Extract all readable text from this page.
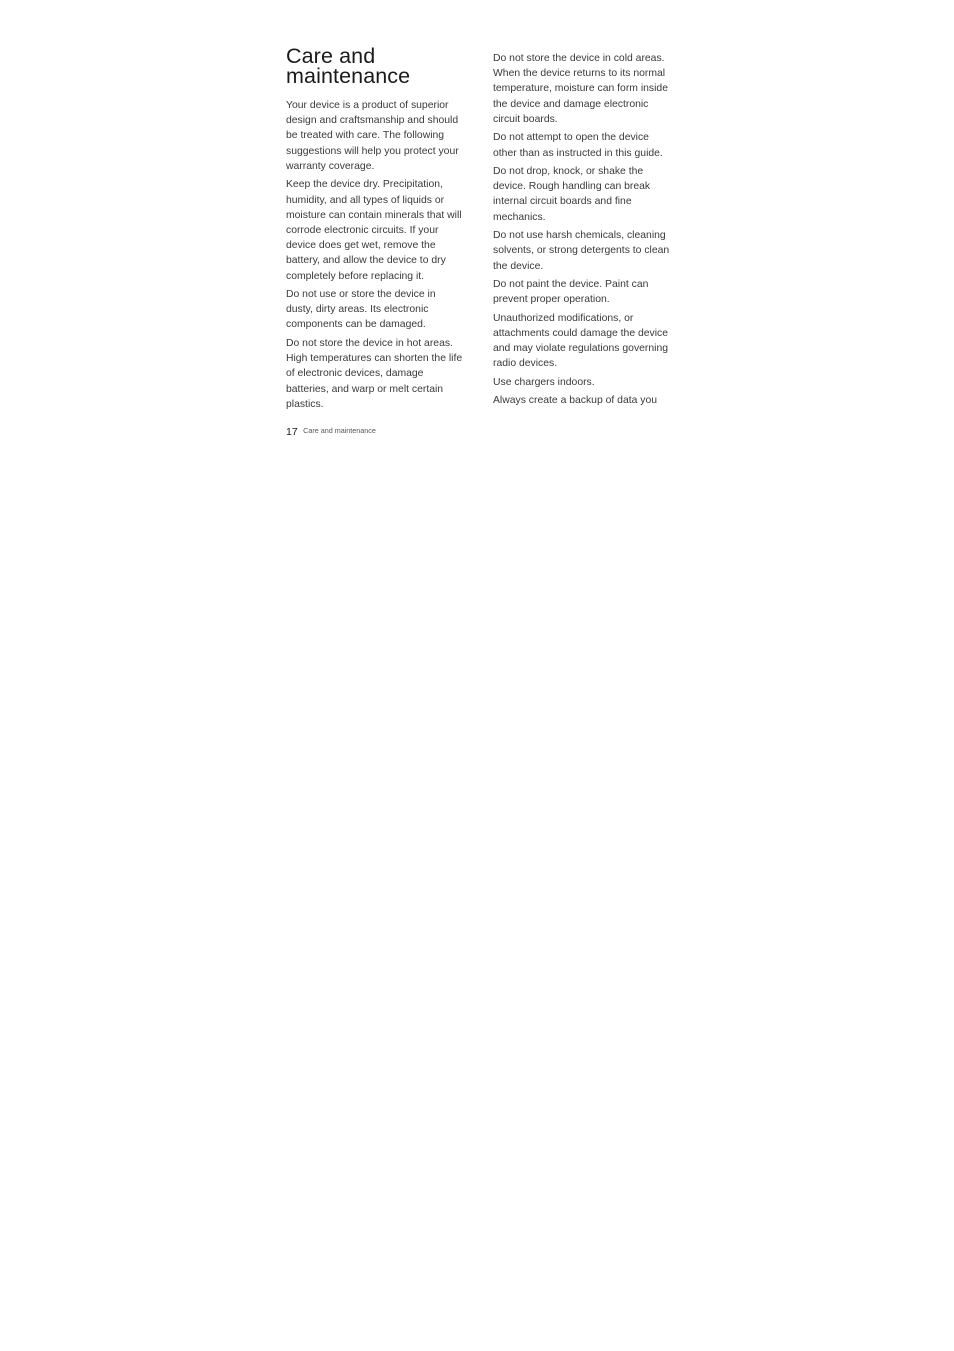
Care and
maintenance

Your device is a product of superior design and craftsmanship and should be treated with care. The following suggestions will help you protect your warranty coverage.

Keep the device dry. Precipitation, humidity, and all types of liquids or moisture can contain minerals that will corrode electronic circuits. If your device does get wet, remove the battery, and allow the device to dry completely before replacing it.

Do not use or store the device in dusty, dirty areas. Its electronic components can be damaged.

Do not store the device in hot areas. High temperatures can shorten the life of electronic devices, damage batteries, and warp or melt certain plastics.

Do not store the device in cold areas. When the device returns to its normal temperature, moisture can form inside the device and damage electronic circuit boards.

Do not attempt to open the device other than as instructed in this guide.

Do not drop, knock, or shake the device. Rough handling can break internal circuit boards and fine mechanics.

Do not use harsh chemicals, cleaning solvents, or strong detergents to clean the device.

Do not paint the device. Paint can prevent proper operation.

Unauthorized modifications, or attachments could damage the device and may violate regulations governing radio devices.

Use chargers indoors.

Always create a backup of data you

17 Care and maintenance
